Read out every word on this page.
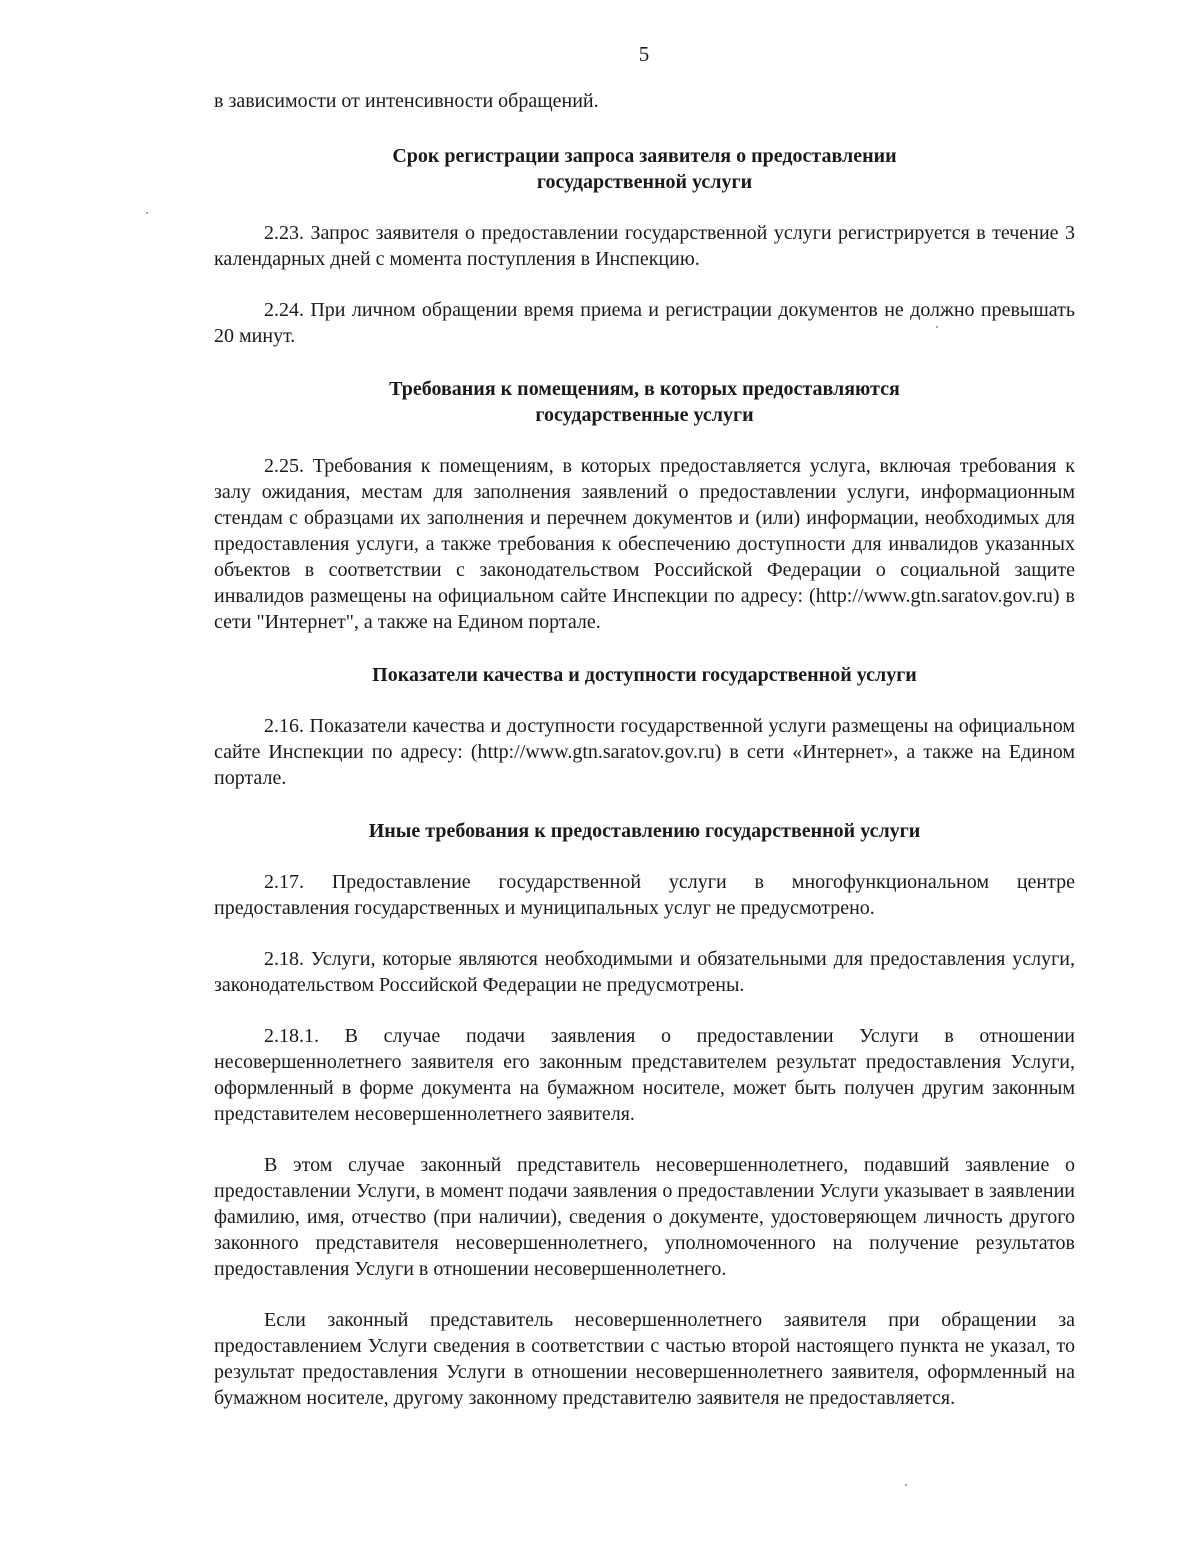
5

в зависимости от интенсивности обращений.

Срок регистрации запроса заявителя о предоставлении
государственной услуги

2.23. Запрос заявителя о предоставлении государственной услуги регистрируется в течение 3 календарных дней с момента поступления в Инспекцию.

2.24. При личном обращении время приема и регистрации документов не должно превышать 20 минут.

Требования к помещениям, в которых предоставляются
государственные услуги

2.25. Требования к помещениям, в которых предоставляется услуга, включая требования к залу ожидания, местам для заполнения заявлений о предоставлении услуги, информационным стендам с образцами их заполнения и перечнем документов и (или) информации, необходимых для предоставления услуги, а также требования к обеспечению доступности для инвалидов указанных объектов в соответствии с законодательством Российской Федерации о социальной защите инвалидов размещены на официальном сайте Инспекции по адресу: (http://www.gtn.saratov.gov.ru) в сети "Интернет", а также на Едином портале.

Показатели качества и доступности государственной услуги

2.16. Показатели качества и доступности государственной услуги размещены на официальном сайте Инспекции по адресу: (http://www.gtn.saratov.gov.ru) в сети «Интернет», а также на Едином портале.

Иные требования к предоставлению государственной услуги

2.17. Предоставление государственной услуги в многофункциональном центре предоставления государственных и муниципальных услуг не предусмотрено.

2.18. Услуги, которые являются необходимыми и обязательными для предоставления услуги, законодательством Российской Федерации не предусмотрены.

2.18.1. В случае подачи заявления о предоставлении Услуги в отношении несовершеннолетнего заявителя его законным представителем результат предоставления Услуги, оформленный в форме документа на бумажном носителе, может быть получен другим законным представителем несовершеннолетнего заявителя.

В этом случае законный представитель несовершеннолетнего, подавший заявление о предоставлении Услуги, в момент подачи заявления о предоставлении Услуги указывает в заявлении фамилию, имя, отчество (при наличии), сведения о документе, удостоверяющем личность другого законного представителя несовершеннолетнего, уполномоченного на получение результатов предоставления Услуги в отношении несовершеннолетнего.

Если законный представитель несовершеннолетнего заявителя при обращении за предоставлением Услуги сведения в соответствии с частью второй настоящего пункта не указал, то результат предоставления Услуги в отношении несовершеннолетнего заявителя, оформленный на бумажном носителе, другому законному представителю заявителя не предоставляется.
